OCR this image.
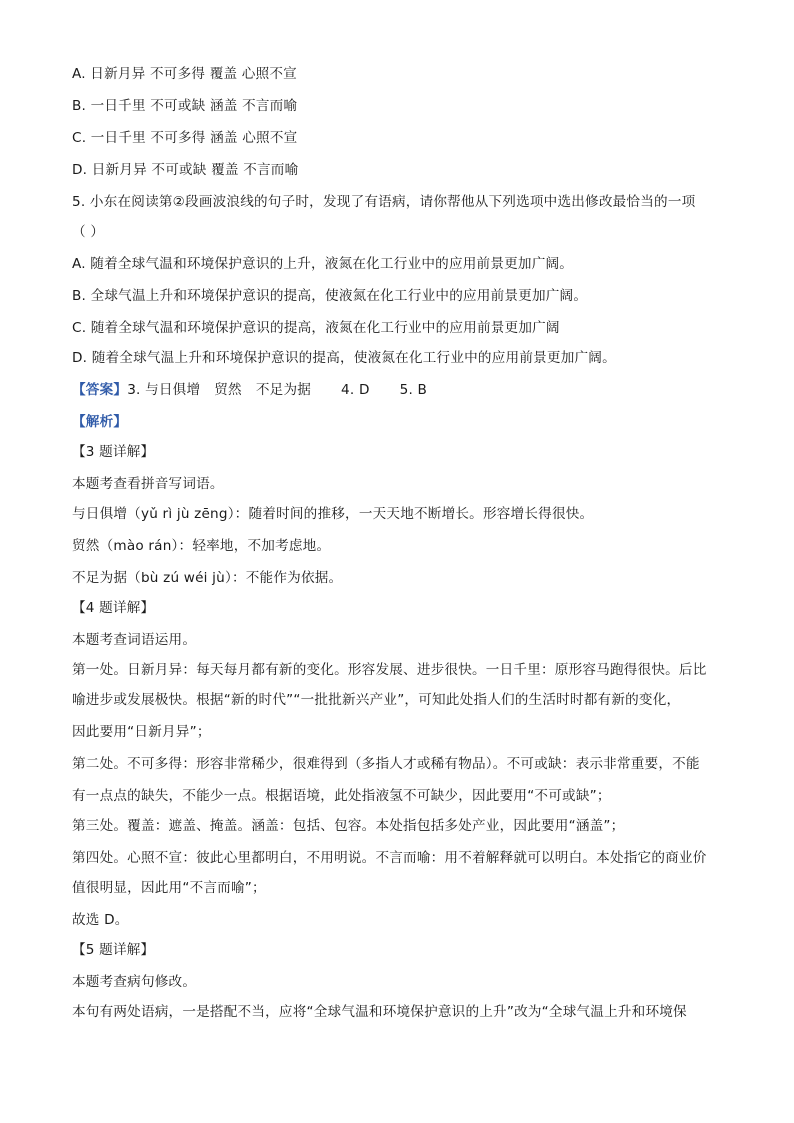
A. 日新月异 不可多得 覆盖 心照不宣
B. 一日千里 不可或缺 涵盖 不言而喻
C. 一日千里 不可多得 涵盖 心照不宣
D. 日新月异 不可或缺 覆盖 不言而喻
5. 小东在阅读第②段画波浪线的句子时，发现了有语病，请你帮他从下列选项中选出修改最恰当的一项
（ ）
A. 随着全球气温和环境保护意识的上升，液氮在化工行业中的应用前景更加广阔。
B. 全球气温上升和环境保护意识的提高，使液氮在化工行业中的应用前景更加广阔。
C. 随着全球气温和环境保护意识的提高，液氮在化工行业中的应用前景更加广阔
D. 随着全球气温上升和环境保护意识的提高，使液氮在化工行业中的应用前景更加广阔。
【答案】3. 与日俱增 贸然 不足为据 4. D 5. B
【解析】
【3 题详解】
本题考查看拼音写词语。
与日俱增（yǔ rì jù zēng）：随着时间的推移，一天天地不断增长。形容增长得很快。
贸然（mào rán）：轻率地，不加考虑地。
不足为据（bù zú wéi jù）：不能作为依据。
【4 题详解】
本题考查词语运用。
第一处。日新月异：每天每月都有新的变化。形容发展、进步很快。一日千里：原形容马跑得很快。后比
喻进步或发展极快。根据“新的时代”“一批批新兴产业”，可知此处指人们的生活时时都有新的变化，
因此要用“日新月异”；
第二处。不可多得：形容非常稀少，很难得到（多指人才或稀有物品）。不可或缺：表示非常重要，不能
有一点点的缺失，不能少一点。根据语境，此处指液氢不可缺少，因此要用“不可或缺”；
第三处。覆盖：遮盖、掩盖。涵盖：包括、包容。本处指包括多处产业，因此要用“涵盖”；
第四处。心照不宣：彼此心里都明白，不用明说。不言而喻：用不着解释就可以明白。本处指它的商业价
值很明显，因此用“不言而喻”；
故选 D。
【5 题详解】
本题考查病句修改。
本句有两处语病，一是搭配不当，应将“全球气温和环境保护意识的上升”改为“全球气温上升和环境保
